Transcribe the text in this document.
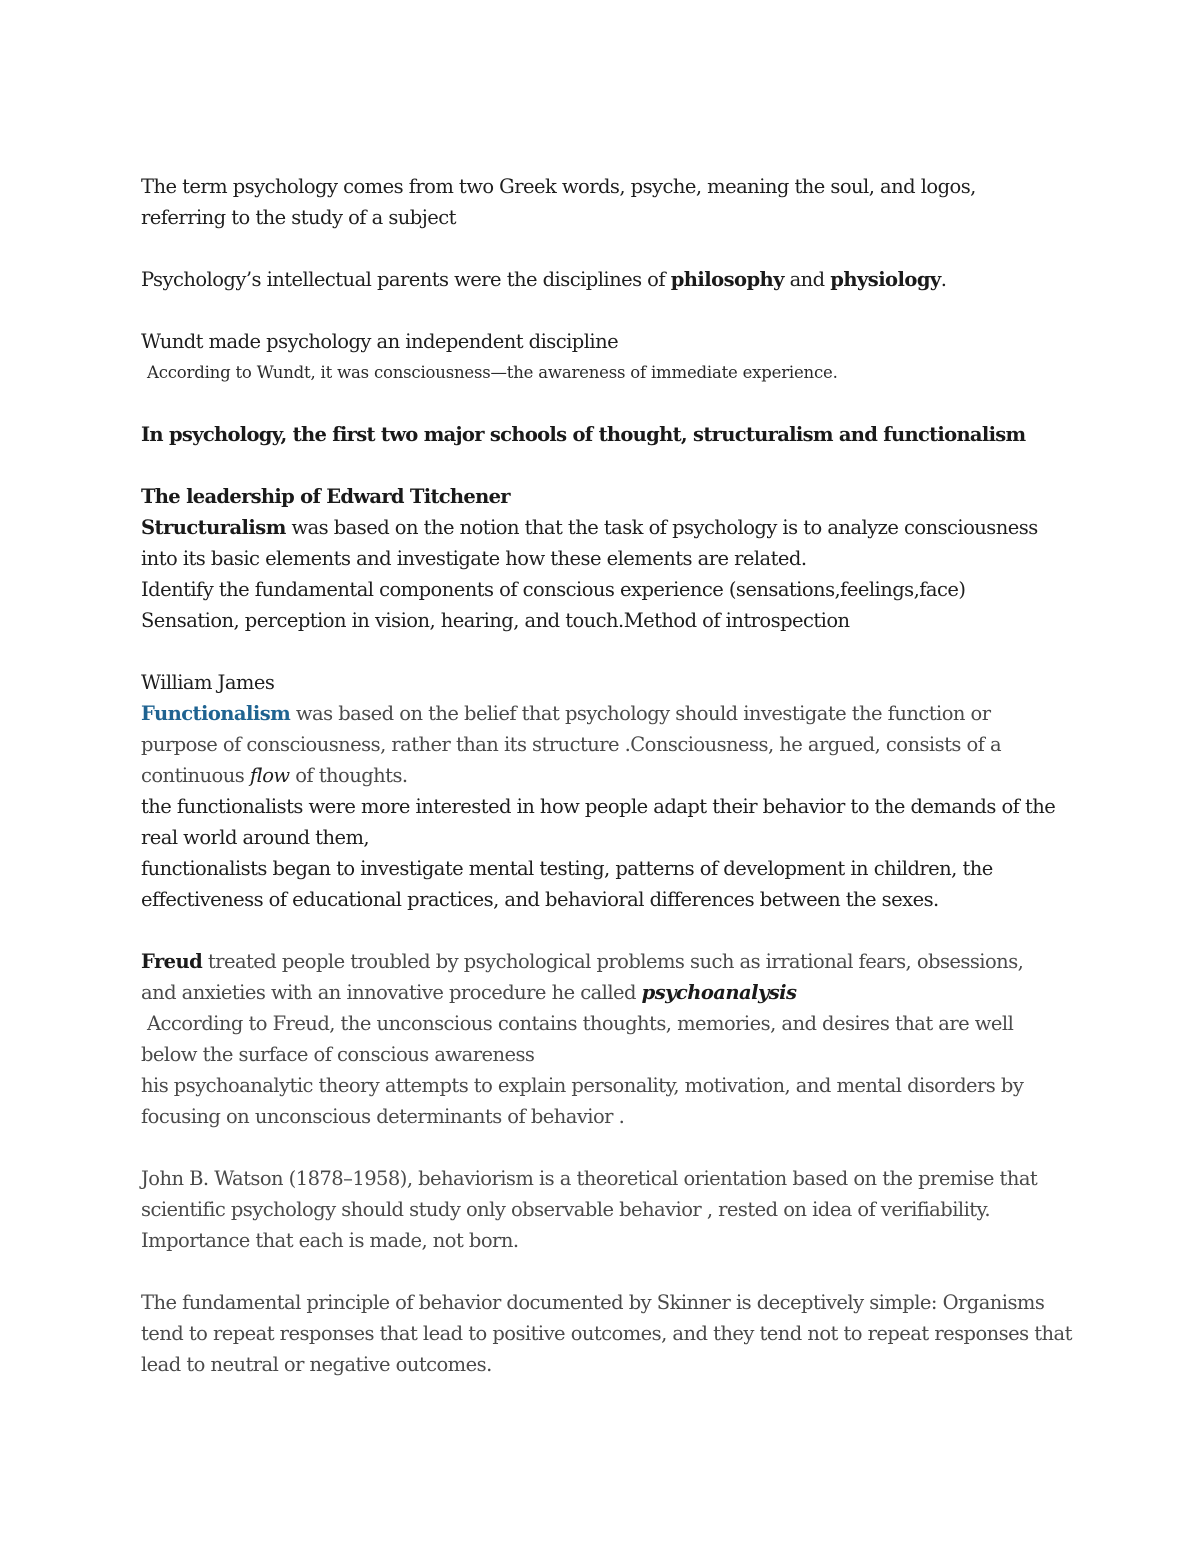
The term psychology comes from two Greek words, psyche, meaning the soul, and logos,

referring to the study of a subject

Psychology’s intellectual parents were the disciplines of philosophy and physiology.

Wundt made psychology an independent discipline

According to Wundt, it was consciousness—the awareness of immediate experience.

In psychology, the first two major schools of thought, structuralism and functionalism

The leadership of Edward Titchener

Structuralism was based on the notion that the task of psychology is to analyze consciousness

into its basic elements and investigate how these elements are related.

Identify the fundamental components of conscious experience (sensations,feelings,face)

Sensation, perception in vision, hearing, and touch.Method of introspection

William James

Functionalism was based on the belief that psychology should investigate the function or

purpose of consciousness, rather than its structure .Consciousness, he argued, consists of a

continuous flow of thoughts.

the functionalists were more interested in how people adapt their behavior to the demands of the

real world around them,

functionalists began to investigate mental testing, patterns of development in children, the

effectiveness of educational practices, and behavioral differences between the sexes.

Freud treated people troubled by psychological problems such as irrational fears, obsessions,

and anxieties with an innovative procedure he called psychoanalysis

According to Freud, the unconscious contains thoughts, memories, and desires that are well

below the surface of conscious awareness

his psychoanalytic theory attempts to explain personality, motivation, and mental disorders by

focusing on unconscious determinants of behavior .

John B. Watson (1878–1958), behaviorism is a theoretical orientation based on the premise that

scientific psychology should study only observable behavior , rested on idea of verifiability.

Importance that each is made, not born.

The fundamental principle of behavior documented by Skinner is deceptively simple: Organisms

tend to repeat responses that lead to positive outcomes, and they tend not to repeat responses that

lead to neutral or negative outcomes.
